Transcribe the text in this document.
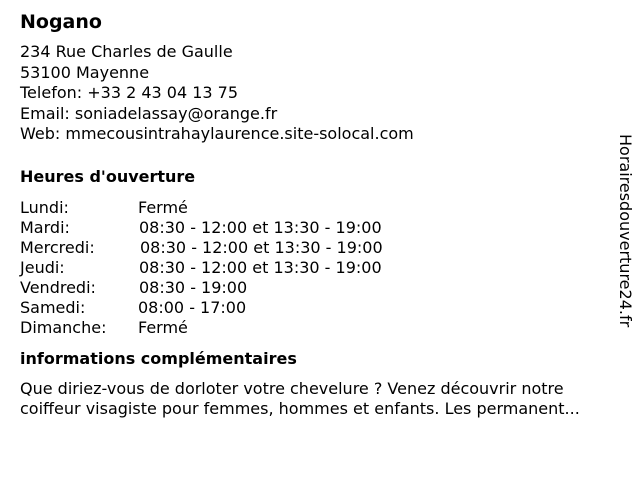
Nogano
234 Rue Charles de Gaulle
53100 Mayenne
Telefon: +33 2 43 04 13 75
Email: soniadelassay@orange.fr
Web: mmecousintrahaylaurence.site-solocal.com
Heures d'ouverture
Lundi:	Fermé
Mardi:	08:30 - 12:00 et 13:30 - 19:00
Mercredi:	08:30 - 12:00 et 13:30 - 19:00
Jeudi:	08:30 - 12:00 et 13:30 - 19:00
Vendredi:	08:30 - 19:00
Samedi:	08:00 - 17:00
Dimanche: Fermé
informations complémentaires
Que diriez-vous de dorloter votre chevelure ? Venez découvrir notre
coiffeur visagiste pour femmes, hommes et enfants. Les permanent...
Horairesdouverture24.fr
